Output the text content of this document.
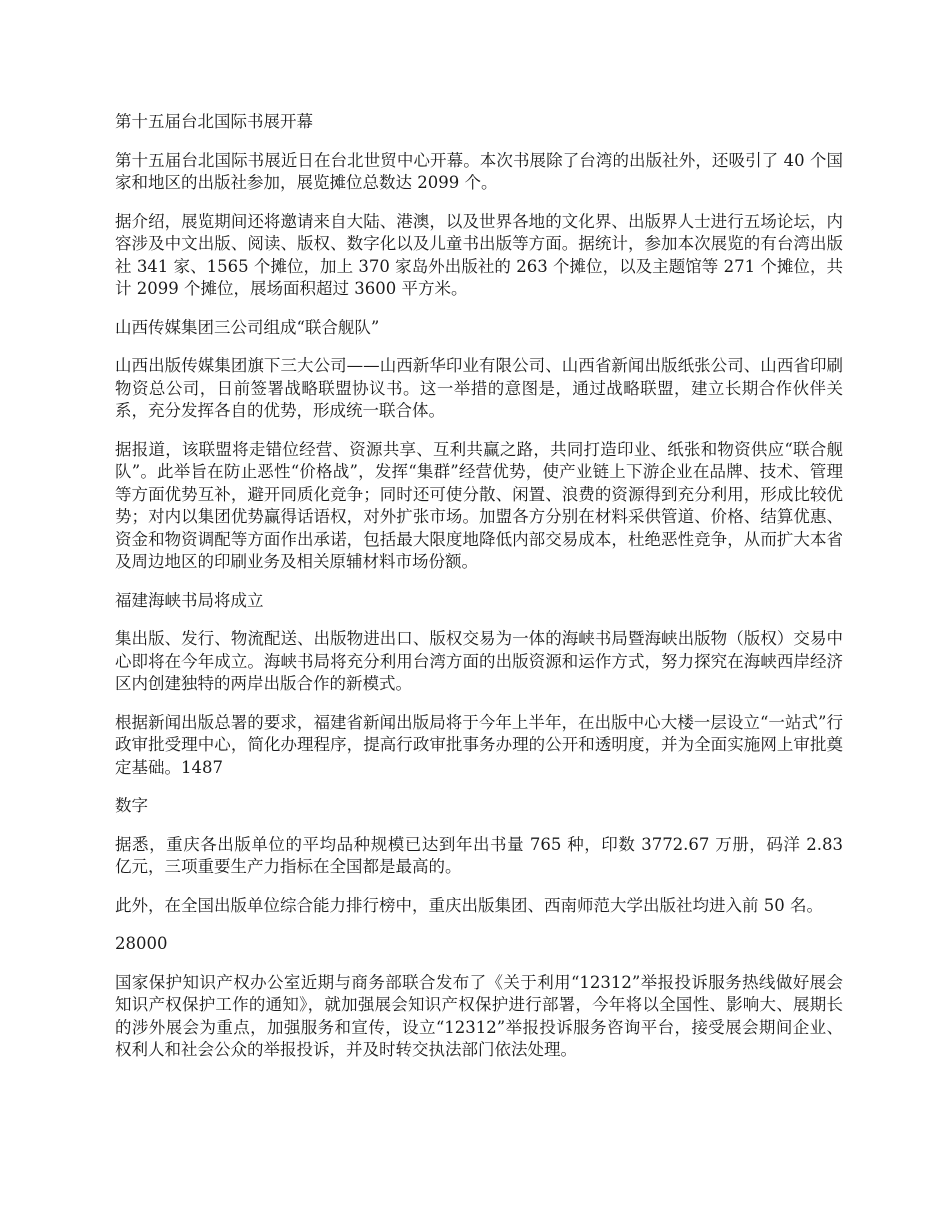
第十五届台北国际书展开幕

第十五届台北国际书展近日在台北世贸中心开幕。本次书展除了台湾的出版社外，还吸引了 40 个国家和地区的出版社参加，展览摊位总数达 2099 个。

据介绍，展览期间还将邀请来自大陆、港澳，以及世界各地的文化界、出版界人士进行五场论坛，内容涉及中文出版、阅读、版权、数字化以及儿童书出版等方面。据统计，参加本次展览的有台湾出版社 341 家、1565 个摊位，加上 370 家岛外出版社的 263 个摊位，以及主题馆等 271 个摊位，共计 2099 个摊位，展场面积超过 3600 平方米。

山西传媒集团三公司组成“联合舰队”

山西出版传媒集团旗下三大公司——山西新华印业有限公司、山西省新闻出版纸张公司、山西省印刷物资总公司，日前签署战略联盟协议书。这一举措的意图是，通过战略联盟，建立长期合作伙伴关系，充分发挥各自的优势，形成统一联合体。

据报道，该联盟将走错位经营、资源共享、互利共赢之路，共同打造印业、纸张和物资供应“联合舰队”。此举旨在防止恶性“价格战”，发挥“集群”经营优势，使产业链上下游企业在品牌、技术、管理等方面优势互补，避开同质化竞争；同时还可使分散、闲置、浪费的资源得到充分利用，形成比较优势；对内以集团优势赢得话语权，对外扩张市场。加盟各方分别在材料采供管道、价格、结算优惠、资金和物资调配等方面作出承诺，包括最大限度地降低内部交易成本，杜绝恶性竞争，从而扩大本省及周边地区的印刷业务及相关原辅材料市场份额。

福建海峡书局将成立

集出版、发行、物流配送、出版物进出口、版权交易为一体的海峡书局暨海峡出版物（版权）交易中心即将在今年成立。海峡书局将充分利用台湾方面的出版资源和运作方式，努力探究在海峡西岸经济区内创建独特的两岸出版合作的新模式。

根据新闻出版总署的要求，福建省新闻出版局将于今年上半年，在出版中心大楼一层设立“一站式”行政审批受理中心，简化办理程序，提高行政审批事务办理的公开和透明度，并为全面实施网上审批奠定基础。1487

数字

据悉，重庆各出版单位的平均品种规模已达到年出书量 765 种，印数 3772.67 万册，码洋 2.83 亿元，三项重要生产力指标在全国都是最高的。

此外，在全国出版单位综合能力排行榜中，重庆出版集团、西南师范大学出版社均进入前 50 名。

28000

国家保护知识产权办公室近期与商务部联合发布了《关于利用“12312”举报投诉服务热线做好展会知识产权保护工作的通知》，就加强展会知识产权保护进行部署，今年将以全国性、影响大、展期长的涉外展会为重点，加强服务和宣传，设立“12312”举报投诉服务咨询平台，接受展会期间企业、权利人和社会公众的举报投诉，并及时转交执法部门依法处理。
